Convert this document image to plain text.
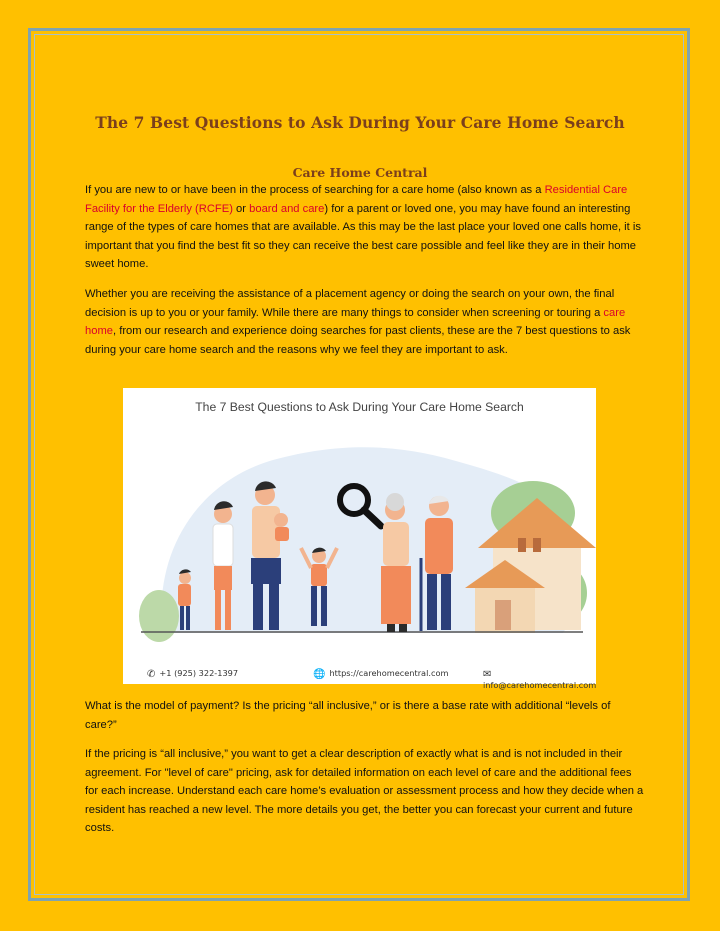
The 7 Best Questions to Ask During Your Care Home Search
Care Home Central
If you are new to or have been in the process of searching for a care home (also known as a Residential Care Facility for the Elderly (RCFE) or board and care) for a parent or loved one, you may have found an interesting range of the types of care homes that are available. As this may be the last place your loved one calls home, it is important that you find the best fit so they can receive the best care possible and feel like they are in their home sweet home.
Whether you are receiving the assistance of a placement agency or doing the search on your own, the final decision is up to you or your family. While there are many things to consider when screening or touring a care home, from our research and experience doing searches for past clients, these are the 7 best questions to ask during your care home search and the reasons why we feel they are important to ask.
The 7 Best Questions to Ask During Your Care Home Search
✆ +1 (925) 322-1397	🌐 https://carehomecentral.com	✉info@carehomecentral.com
What is the model of payment? Is the pricing “all inclusive,” or is there a base rate with additional “levels of care?”
If the pricing is “all inclusive,” you want to get a clear description of exactly what is and is not included in their agreement. For "level of care" pricing, ask for detailed information on each level of care and the additional fees for each increase. Understand each care home’s evaluation or assessment process and how they decide when a resident has reached a new level. The more details you get, the better you can forecast your current and future costs.
